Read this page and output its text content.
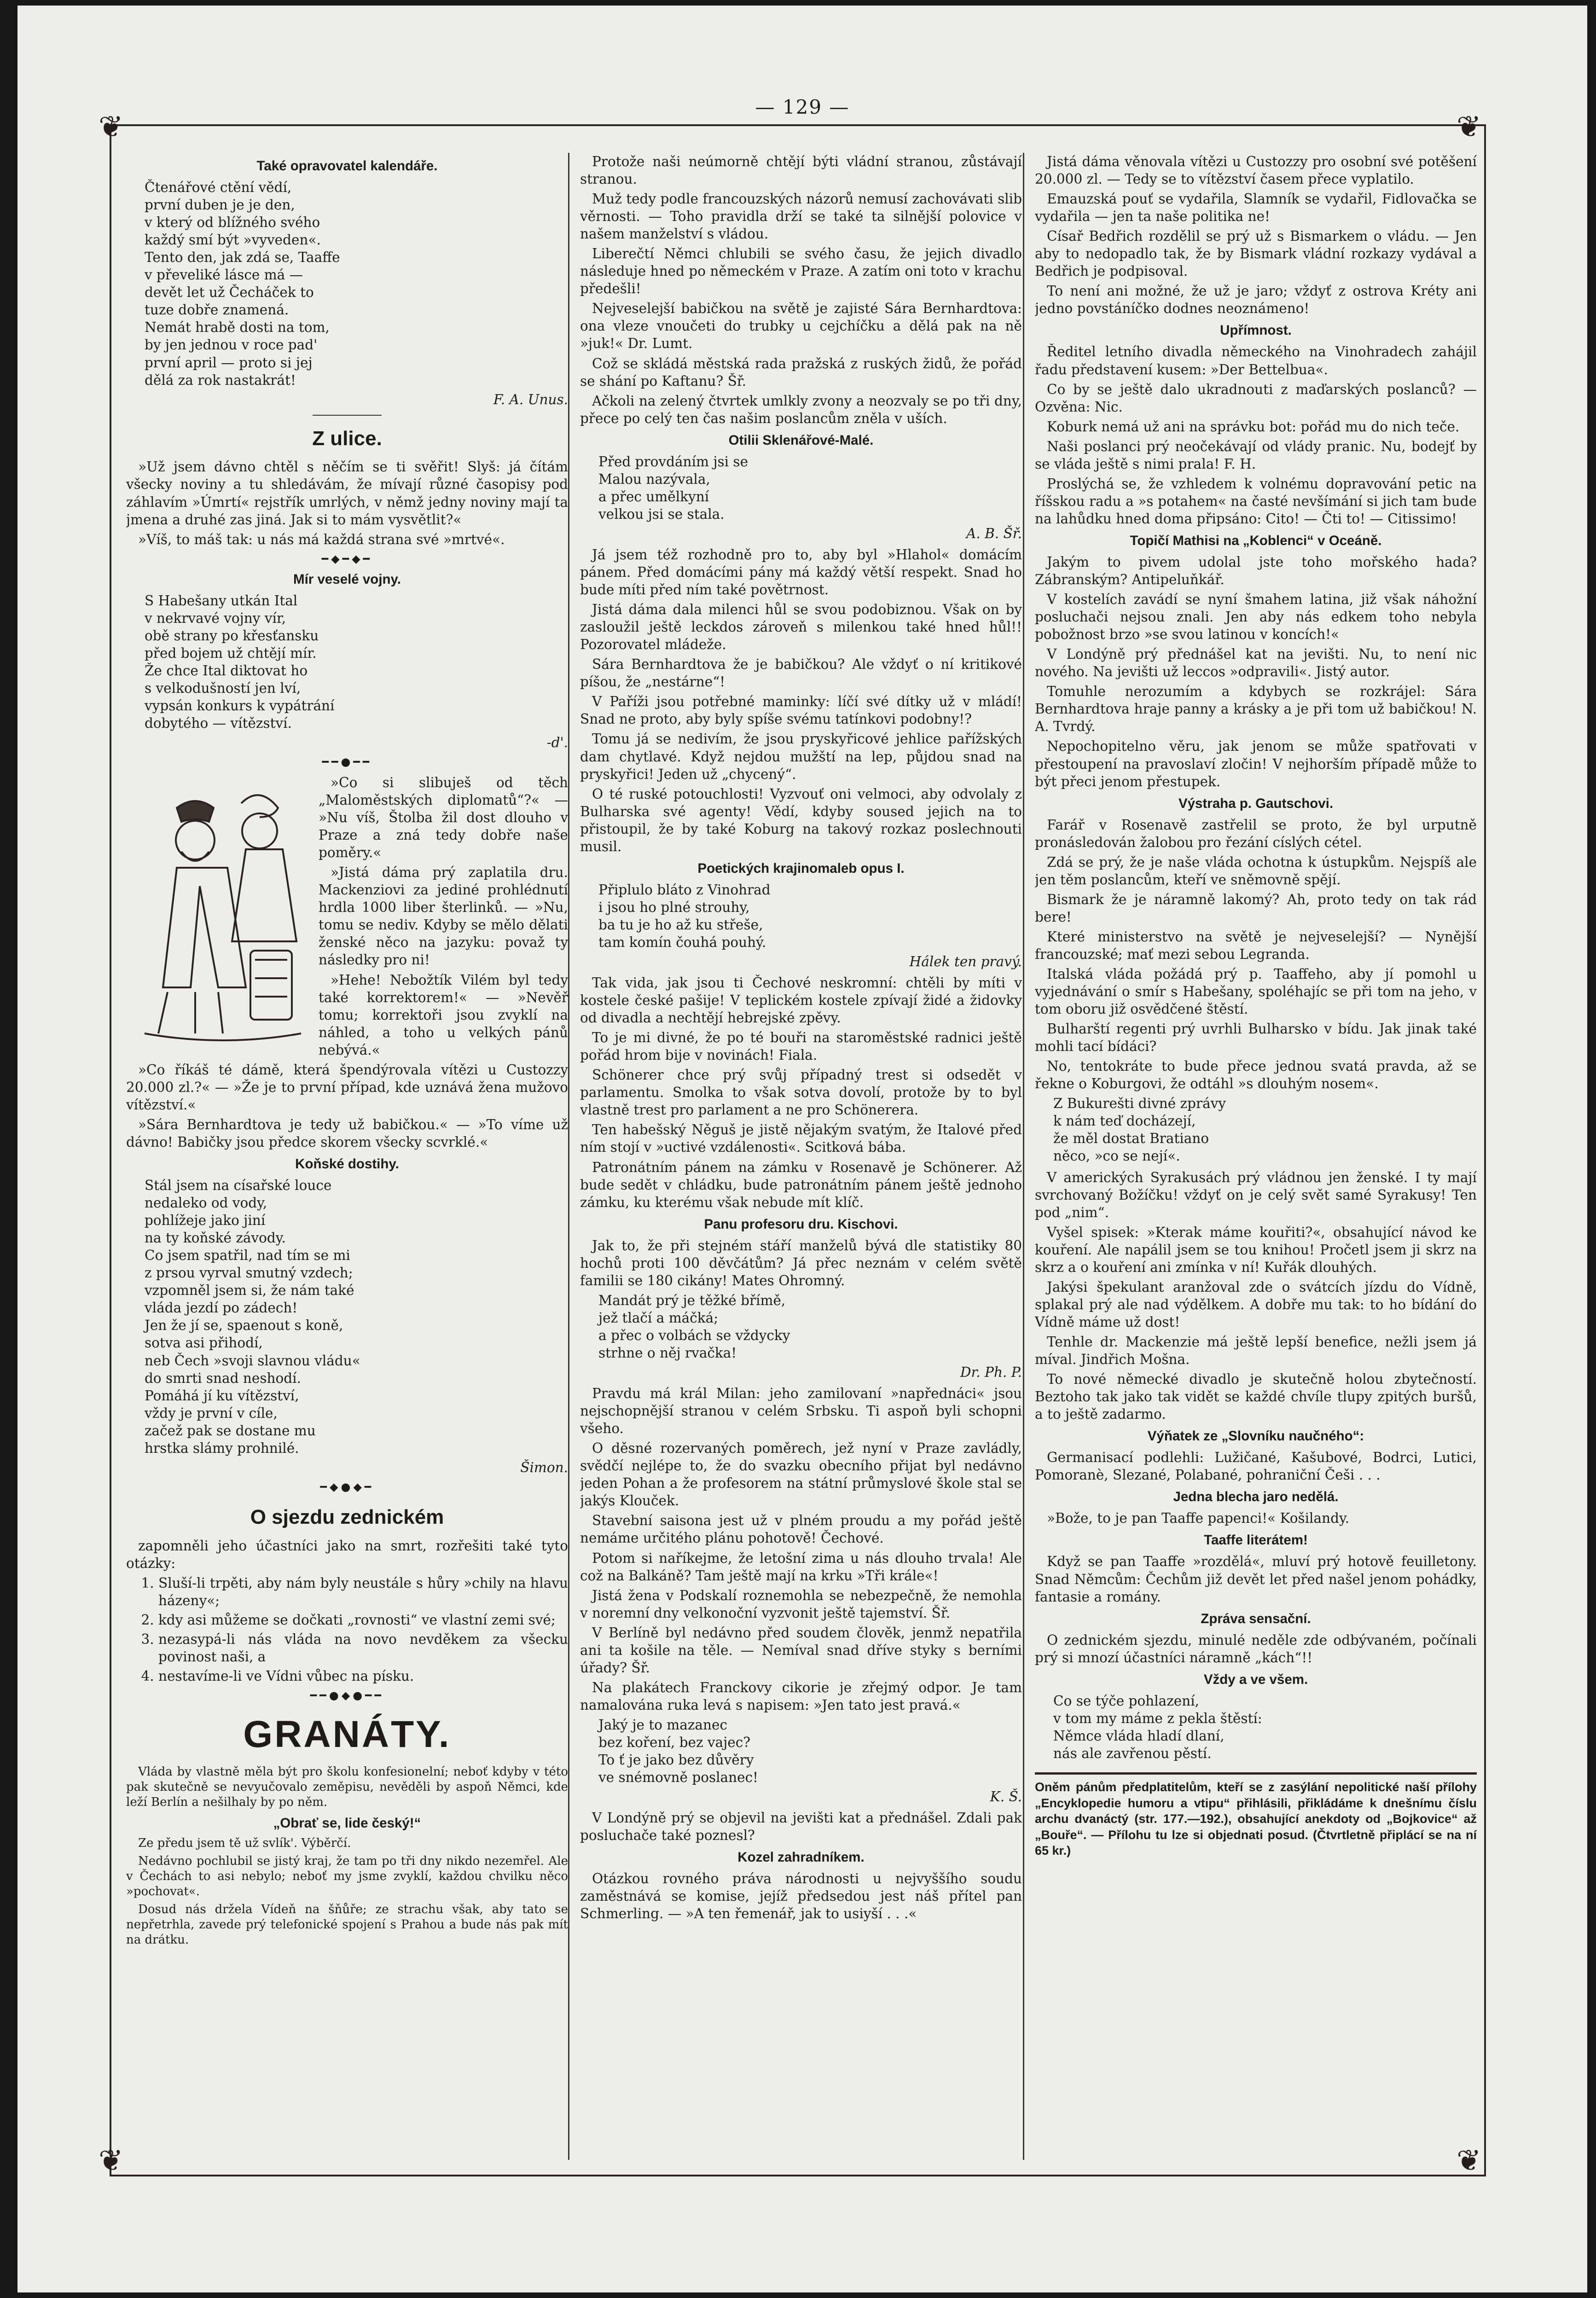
— 129 —
❦	❦
❦	❦
Také opravovatel kalendáře.
Čtenářové ctění vědí,
první duben je je den,
v který od blížného svého
každý smí být »vyveden«.
Tento den, jak zdá se, Taaffe
v převeliké lásce má —
devět let už Čecháček to
tuze dobře znamená.
Nemát hrabě dosti na tom,
by jen jednou v roce pad'
první april — proto si jej
dělá za rok nastakrát!
F. A. Unus.
Z ulice.

»Už jsem dávno chtěl s něčím se ti svěřit! Slyš: já čítám všecky noviny a tu shledávám, že mívají různé časopisy pod záhlavím »Úmrtí« rejstřík umrlých, v němž jedny noviny mají ta jmena a druhé zas jiná. Jak si to mám vysvětlit?«

»Víš, to máš tak: u nás má každá strana své »mrtvé«.

━◆━◆━
Mír veselé vojny.
S Habešany utkán Ital
v nekrvavé vojny vír,
obě strany po křesťansku
před bojem už chtějí mír.
Že chce Ital diktovat ho
s velkodušností jen lví,
vypsán konkurs k vypátrání
dobytého — vítězství.
-d'.
━━●━━

»Co si slibuješ od těch „Maloměstských diplomatů“?« — »Nu víš, Štolba žil dost dlouho v Praze a zná tedy dobře naše poměry.«

»Jistá dáma prý zaplatila dru. Mackenziovi za jediné prohlédnutí hrdla 1000 liber šterlinků. — »Nu, tomu se nediv. Kdyby se mělo dělati ženské něco na jazyku: považ ty následky pro ni!

»Hehe! Nebožtík Vilém byl tedy také korrektorem!« — »Nevěř tomu; korrektoři jsou zvyklí na náhled, a toho u velkých pánů nebývá.«

»Co říkáš té dámě, která špendýrovala vítězi u Custozzy 20.000 zl.?« — »Že je to první případ, kde uznává žena mužovo vítězství.«

»Sára Bernhardtova je tedy už babičkou.« — »To víme už dávno! Babičky jsou předce skorem všecky scvrklé.«

Koňské dostihy.
Stál jsem na císařské louce
nedaleko od vody,
pohlížeje jako jiní
na ty koňské závody.
Co jsem spatřil, nad tím se mi
z prsou vyrval smutný vzdech;
vzpomněl jsem si, že nám také
vláda jezdí po zádech!
Jen že jí se, spaenout s koně,
sotva asi přihodí,
neb Čech »svoji slavnou vládu«
do smrti snad neshodí.
Pomáhá jí ku vítězství,
vždy je první v cíle,
začež pak se dostane mu
hrstka slámy prohnilé.
Šimon.
━◆●◆━
O sjezdu zednickém

zapomněli jeho účastníci jako na smrt, rozřešiti také tyto otázky:

1. Sluší-li trpěti, aby nám byly neustále s hůry »chily na hlavu házeny«;
2. kdy asi můžeme se dočkati „rovnosti“ ve vlastní zemi své;
3. nezasypá-li nás vláda na novo nevděkem za všecku povinost naši, a
4. nestavíme-li ve Vídni vůbec na písku.
━━●◆●━━
GRANÁTY.

Vláda by vlastně měla být pro školu konfesionelní; neboť kdyby v této pak skutečně se nevyučovalo zeměpisu, nevěděli by aspoň Němci, kde leží Berlín a nešilhaly by po něm.

„Obrať se, lide český!“

Ze předu jsem tě už svlík'. Výběrčí.

Nedávno pochlubil se jistý kraj, že tam po tři dny nikdo nezemřel. Ale v Čechách to asi nebylo; neboť my jsme zvyklí, každou chvilku něco »pochovat«.

Dosud nás držela Vídeň na šňůře; ze strachu však, aby tato se nepřetrhla, zavede prý telefonické spojení s Prahou a bude nás pak mít na drátku.

Protože naši neúmorně chtějí býti vládní stranou, zůstávají stranou.

Muž tedy podle francouzských názorů nemusí zachovávati slib věrnosti. — Toho pravidla drží se také ta silnější polovice v našem manželství s vládou.

Liberečtí Němci chlubili se svého času, že jejich divadlo následuje hned po německém v Praze. A zatím oni toto v krachu předešli!

Nejveselejší babičkou na světě je zajisté Sára Bernhardtova: ona vleze vnoučeti do trubky u cejchíčku a dělá pak na ně »juk!« Dr. Lumt.

Což se skládá městská rada pražská z ruských židů, že pořád se shání po Kaftanu? Šř.

Ačkoli na zelený čtvrtek umlkly zvony a neozvaly se po tři dny, přece po celý ten čas našim poslancům zněla v uších.

Otilii Sklenářové-Malé.
Před provdáním jsi se
Malou nazývala,
a přec umělkyní
velkou jsi se stala.
A. B. Šř.

Já jsem též rozhodně pro to, aby byl »Hlahol« domácím pánem. Před domácími pány má každý větší respekt. Snad ho bude míti před ním také povětrnost.

Jistá dáma dala milenci hůl se svou podobiznou. Však on by zasloužil ještě leckdos zároveň s milenkou také hned hůl!! Pozorovatel mládeže.

Sára Bernhardtova že je babičkou? Ale vždyť o ní kritikové píšou, že „nestárne“!

V Paříži jsou potřebné maminky: líčí své dítky už v mládí! Snad ne proto, aby byly spíše svému tatínkovi podobny!?

Tomu já se nedivím, že jsou pryskyřicové jehlice pařížských dam chytlavé. Když nejdou mužští na lep, půjdou snad na pryskyřici! Jeden už „chycený“.

O té ruské potouchlosti! Vyzvouť oni velmoci, aby odvolaly z Bulharska své agenty! Vědí, kdyby soused jejich na to přistoupil, že by také Koburg na takový rozkaz poslechnouti musil.

Poetických krajinomaleb opus I.
Připlulo bláto z Vinohrad
i jsou ho plné strouhy,
ba tu je ho až ku střeše,
tam komín čouhá pouhý.
Hálek ten pravý.

Tak vida, jak jsou ti Čechové neskromní: chtěli by míti v kostele české pašije! V teplickém kostele zpívají židé a židovky od divadla a nechtějí hebrejské zpěvy.

To je mi divné, že po té bouři na staroměstské radnici ještě pořád hrom bije v novinách! Fiala.

Schönerer chce prý svůj případný trest si odsedět v parlamentu. Smolka to však sotva dovolí, protože by to byl vlastně trest pro parlament a ne pro Schönerera.

Ten habešský Něguš je jistě nějakým svatým, že Italové před ním stojí v »uctivé vzdálenosti«. Scitková bába.

Patronátním pánem na zámku v Rosenavě je Schönerer. Až bude sedět v chládku, bude patronátním pánem ještě jednoho zámku, ku kterému však nebude mít klíč.

Panu profesoru dru. Kischovi.

Jak to, že při stejném stáří manželů bývá dle statistiky 80 hochů proti 100 děvčátům? Já přec neznám v celém světě familii se 180 cikány! Mates Ohromný.

Mandát prý je těžké břímě,
jež tlačí a máčká;
a přec o volbách se vždycky
strhne o něj rvačka!
Dr. Ph. P.

Pravdu má král Milan: jeho zamilovaní »napřednáci« jsou nejschopnější stranou v celém Srbsku. Ti aspoň byli schopni všeho.

O děsné rozervaných poměrech, jež nyní v Praze zavládly, svědčí nejlépe to, že do svazku obecního přijat byl nedávno jeden Pohan a že profesorem na státní průmyslové škole stal se jakýs Klouček.

Stavební saisona jest už v plném proudu a my pořád ještě nemáme určitého plánu pohotově! Čechové.

Potom si naříkejme, že letošní zima u nás dlouho trvala! Ale což na Balkáně? Tam ještě mají na krku »Tři krále«!

Jistá žena v Podskalí roznemohla se nebezpečně, že nemohla v noremní dny velkonoční vyzvonit ještě tajemství. Šř.

V Berlíně byl nedávno před soudem člověk, jenmž nepatřila ani ta košile na těle. — Nemíval snad dříve styky s berními úřady? Šř.

Na plakátech Franckovy cikorie je zřejmý odpor. Je tam namalována ruka levá s napisem: »Jen tato jest pravá.«

Jaký je to mazanec
bez koření, bez vajec?
To ť je jako bez důvěry
ve snémovně poslanec!
K. Š.

V Londýně prý se objevil na jevišti kat a přednášel. Zdali pak posluchače také poznesl?

Kozel zahradníkem.

Otázkou rovného práva národnosti u nejvyššího soudu zaměstnává se komise, jejíž předsedou jest náš přítel pan Schmerling. — »A ten řemenář, jak to usiyší . . .«

Jistá dáma věnovala vítězi u Custozzy pro osobní své potěšení 20.000 zl. — Tedy se to vítězství časem přece vyplatilo.

Emauzská pouť se vydařila, Slamník se vydařil, Fidlovačka se vydařila — jen ta naše politika ne!

Císař Bedřich rozdělil se prý už s Bismarkem o vládu. — Jen aby to nedopadlo tak, že by Bismark vládní rozkazy vydával a Bedřich je podpisoval.

To není ani možné, že už je jaro; vždyť z ostrova Kréty ani jedno povstáníčko dodnes neoznámeno!

Upřímnost.

Ředitel letního divadla německého na Vinohradech zahájil řadu představení kusem: »Der Bettelbua«.

Co by se ještě dalo ukradnouti z maďarských poslanců? — Ozvěna: Nic.

Koburk nemá už ani na správku bot: pořád mu do nich teče.

Naši poslanci prý neočekávají od vlády pranic. Nu, bodejť by se vláda ještě s nimi prala! F. H.

Proslýchá se, že vzhledem k volnému dopravování petic na říšskou radu a »s potahem« na časté nevšímání si jich tam bude na lahůdku hned doma připsáno: Cito! — Čti to! — Citissimo!

Topičí Mathisi na „Koblenci“ v Oceáně.

Jakým to pivem udolal jste toho mořského hada? Zábranským? Antipeluňkář.

V kostelích zavádí se nyní šmahem latina, již však náhožní posluchači nejsou znali. Jen aby nás edkem toho nebyla pobožnost brzo »se svou latinou v koncích!«

V Londýně prý přednášel kat na jevišti. Nu, to není nic nového. Na jevišti už leccos »odpravili«. Jistý autor.

Tomuhle nerozumím a kdybych se rozkrájel: Sára Bernhardtova hraje panny a krásky a je při tom už babičkou! N. A. Tvrdý.

Nepochopitelno věru, jak jenom se může spatřovati v přestoupení na pravoslaví zločin! V nejhorším případě může to být přeci jenom přestupek.

Výstraha p. Gautschovi.

Farář v Rosenavě zastřelil se proto, že byl urputně pronásledován žalobou pro řezání císlých cétel.

Zdá se prý, že je naše vláda ochotna k ústupkům. Nejspíš ale jen těm poslancům, kteří ve sněmovně spějí.

Bismark že je náramně lakomý? Ah, proto tedy on tak rád bere!

Které ministerstvo na světě je nejveselejší? — Nynější francouzské; mať mezi sebou Legranda.

Italská vláda požádá prý p. Taaffeho, aby jí pomohl u vyjednávání o smír s Habešany, spoléhajíc se při tom na jeho, v tom oboru již osvědčené štěstí.

Bulharští regenti prý uvrhli Bulharsko v bídu. Jak jinak také mohli tací bídáci?

No, tentokráte to bude přece jednou svatá pravda, až se řekne o Koburgovi, že odtáhl »s dlouhým nosem«.

Z Bukurešti divné zprávy
k nám teď docházejí,
že měl dostat Bratiano
něco, »co se nejí«.

V amerických Syrakusách prý vládnou jen ženské. I ty mají svrchovaný Božíčku! vždyť on je celý svět samé Syrakusy! Ten pod „nim“.

Vyšel spisek: »Kterak máme kouřiti?«, obsahující návod ke kouření. Ale napálil jsem se tou knihou! Pročetl jsem ji skrz na skrz a o kouření ani zmínka v ní! Kuřák dlouhých.

Jakýsi špekulant aranžoval zde o svátcích jízdu do Vídně, splakal prý ale nad výdělkem. A dobře mu tak: to ho bídání do Vídně máme už dost!

Tenhle dr. Mackenzie má ještě lepší benefice, nežli jsem já míval. Jindřich Mošna.

To nové německé divadlo je skutečně holou zbytečností. Beztoho tak jako tak vidět se každé chvíle tlupy zpitých buršů, a to ještě zadarmo.

Výňatek ze „Slovníku naučného“:

Germanisací podlehli: Lužičané, Kašubové, Bodrci, Lutici, Pomoranè, Slezané, Polabané, pohraniční Češi . . .

Jedna blecha jaro nedělá.

»Bože, to je pan Taaffe papenci!« Košilandy.

Taaffe literátem!

Když se pan Taaffe »rozdělá«, mluví prý hotově feuilletony. Snad Němcům: Čechům již devět let před našel jenom pohádky, fantasie a romány.

Zpráva sensační.

O zednickém sjezdu, minulé neděle zde odbývaném, počínali prý si mnozí účastníci náramně „kách“!!

Vždy a ve všem.
Co se týče pohlazení,
v tom my máme z pekla štěstí:
Němce vláda hladí dlaní,
nás ale zavřenou pěstí.
Oněm pánům předplatitelům, kteří se z zasýlání nepolitické naší přílohy „Encyklopedie humoru a vtipu“ přihlásili, přikládáme k dnešnímu číslu archu dvanáctý (str. 177.—192.), obsahující anekdoty od „Bojkovice“ až „Bouře“. — Přílohu tu lze si objednati posud. (Čtvrtletně připlácí se na ní 65 kr.)
